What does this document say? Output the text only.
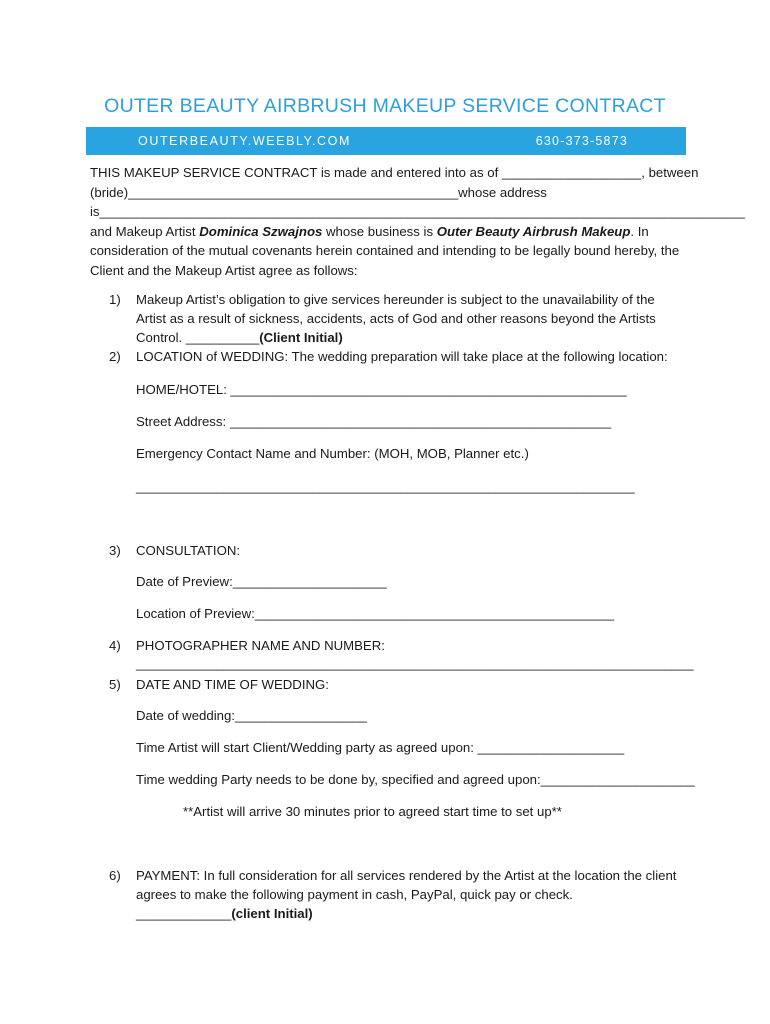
OUTER BEAUTY AIRBRUSH MAKEUP SERVICE CONTRACT
OUTERBEAUTY.WEEBLY.COM	630-373-5873
THIS MAKEUP SERVICE CONTRACT is made and entered into as of ___________________, between
(bride)_____________________________________________whose address
is________________________________________________________________________________________
and Makeup Artist Dominica Szwajnos whose business is Outer Beauty Airbrush Makeup. In
consideration of the mutual covenants herein contained and intending to be legally bound hereby, the
Client and the Makeup Artist agree as follows:
1) Makeup Artist’s obligation to give services hereunder is subject to the unavailability of the
Artist as a result of sickness, accidents, acts of God and other reasons beyond the Artists
Control. __________(Client Initial)
2) LOCATION of WEDDING: The wedding preparation will take place at the following location:
HOME/HOTEL: ______________________________________________________
Street Address: ____________________________________________________
Emergency Contact Name and Number: (MOH, MOB, Planner etc.)
____________________________________________________________________
3) CONSULTATION:
Date of Preview:_____________________
Location of Preview:_________________________________________________
4) PHOTOGRAPHER NAME AND NUMBER:
____________________________________________________________________________
5) DATE AND TIME OF WEDDING:
Date of wedding:__________________
Time Artist will start Client/Wedding party as agreed upon: ____________________
Time wedding Party needs to be done by, specified and agreed upon:_____________________
**Artist will arrive 30 minutes prior to agreed start time to set up**
6) PAYMENT: In full consideration for all services rendered by the Artist at the location the client
agrees to make the following payment in cash, PayPal, quick pay or check.
_____________(client Initial)
